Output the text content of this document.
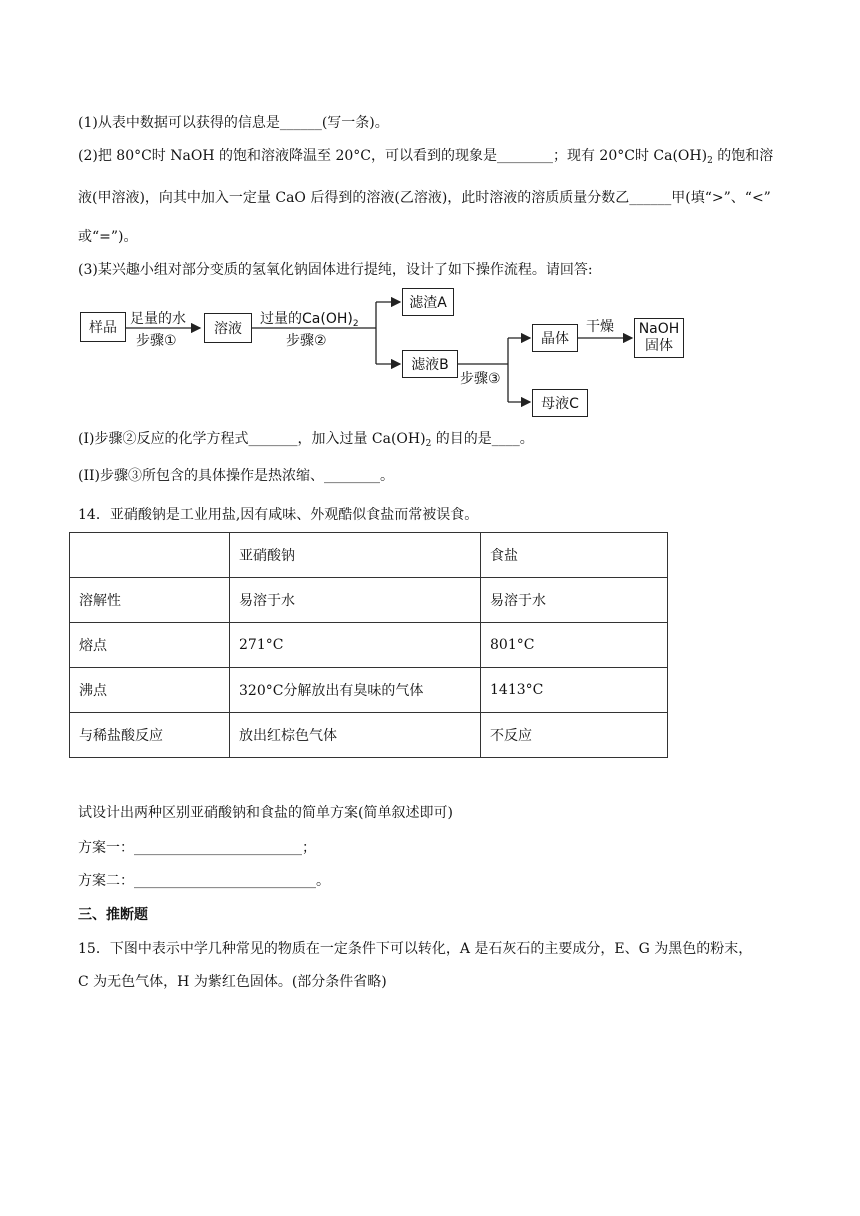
(1)从表中数据可以获得的信息是______(写一条)。
(2)把 80°C时 NaOH 的饱和溶液降温至 20°C，可以看到的现象是________；现有 20°C时 $Ca(OH)_2$ 的饱和溶
液(甲溶液)，向其中加入一定量 CaO 后得到的溶液(乙溶液)，此时溶液的溶质质量分数乙______甲(填“>”、“<”
或“=”)。
(3)某兴趣小组对部分变质的氢氧化钠固体进行提纯，设计了如下操作流程。请回答:
样品
足量的水
步骤①
溶液
过量的$Ca(OH)_2$
步骤②
滤渣A
滤液B
步骤③
晶体
干燥 NaOH
固体
母液C
(I)步骤②反应的化学方程式_______，加入过量 $Ca(OH)_2$ 的目的是____。
(II)步骤③所包含的具体操作是热浓缩、________。
14．亚硝酸钠是工业用盐,因有咸味、外观酷似食盐而常被误食。
	亚硝酸钠	食盐
溶解性	易溶于水	易溶于水
熔点	271°C	801°C
沸点	320°C分解放出有臭味的气体	1413°C
与稀盐酸反应	放出红棕色气体	不反应
试设计出两种区别亚硝酸钠和食盐的简单方案(简单叙述即可)
方案一：________________________；
方案二：__________________________。
三、推断题
15．下图中表示中学几种常见的物质在一定条件下可以转化，A 是石灰石的主要成分，E、G 为黑色的粉末，
C 为无色气体，H 为紫红色固体。(部分条件省略)
